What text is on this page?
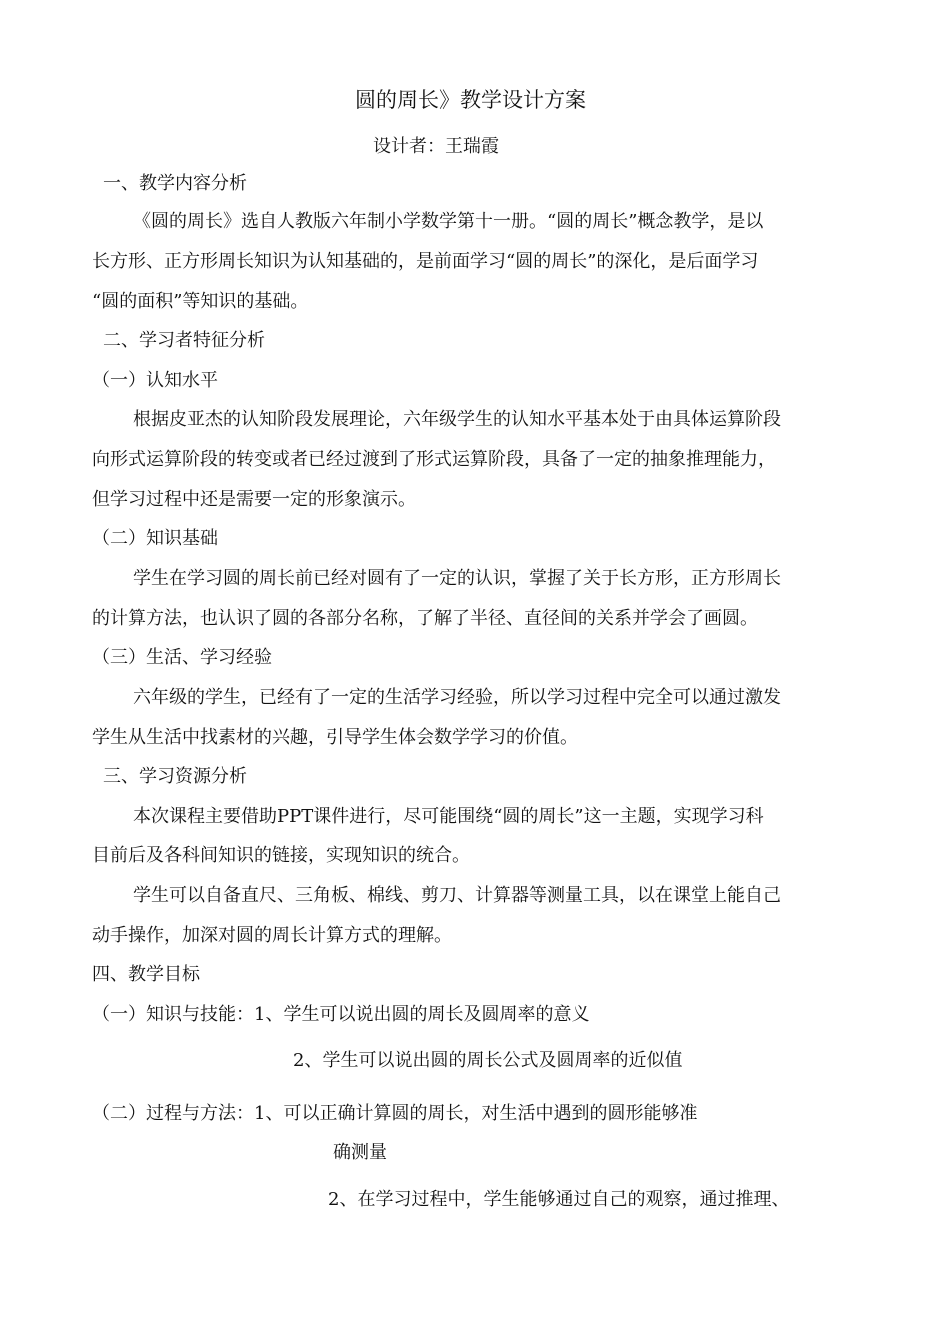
圆的周长》教学设计方案
设计者：王瑞霞
一、教学内容分析
《圆的周长》选自人教版六年制小学数学第十一册。“圆的周长”概念教学，是以
长方形、正方形周长知识为认知基础的，是前面学习“圆的周长”的深化，是后面学习
“圆的面积”等知识的基础。
二、学习者特征分析
（一）认知水平
根据皮亚杰的认知阶段发展理论，六年级学生的认知水平基本处于由具体运算阶段
向形式运算阶段的转变或者已经过渡到了形式运算阶段，具备了一定的抽象推理能力，
但学习过程中还是需要一定的形象演示。
（二）知识基础
学生在学习圆的周长前已经对圆有了一定的认识，掌握了关于长方形，正方形周长
的计算方法，也认识了圆的各部分名称，了解了半径、直径间的关系并学会了画圆。
（三）生活、学习经验
六年级的学生，已经有了一定的生活学习经验，所以学习过程中完全可以通过激发
学生从生活中找素材的兴趣，引导学生体会数学学习的价值。
三、学习资源分析
本次课程主要借助PPT课件进行，尽可能围绕“圆的周长”这一主题，实现学习科
目前后及各科间知识的链接，实现知识的统合。
学生可以自备直尺、三角板、棉线、剪刀、计算器等测量工具，以在课堂上能自己
动手操作，加深对圆的周长计算方式的理解。
四、教学目标
（一）知识与技能：1、学生可以说出圆的周长及圆周率的意义
2、学生可以说出圆的周长公式及圆周率的近似值
（二）过程与方法：1、可以正确计算圆的周长，对生活中遇到的圆形能够准
确测量
2、在学习过程中，学生能够通过自己的观察，通过推理、
